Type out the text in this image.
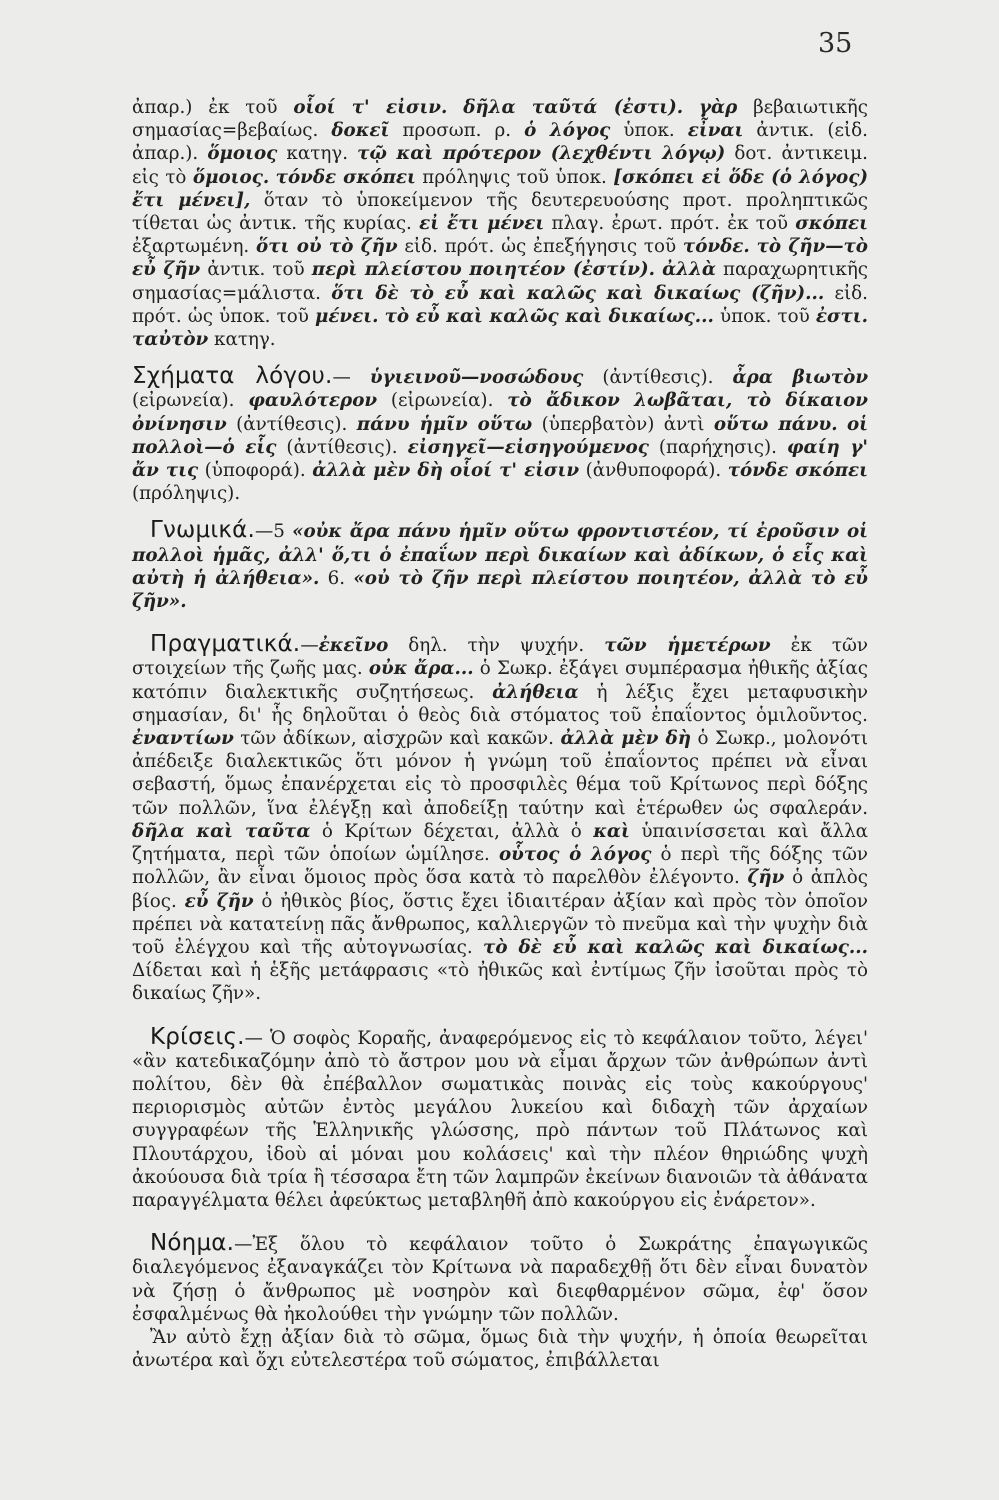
35

ἀπαρ.) ἐκ τοῦ οἷοί τ' εἰσιν. δῆλα ταῦτά (ἐστι). γὰρ βεβαιωτικῆς σημασίας=βεβαίως. δοκεῖ προσωπ. ρ. ὁ λόγος ὑποκ. εἶναι ἀντικ. (εἰδ. ἀπαρ.). ὅμοιος κατηγ. τῷ καὶ πρότερον (λεχθέντι λόγῳ) δοτ. ἀντικειμ. εἰς τὸ ὅμοιος. τόνδε σκόπει πρόληψις τοῦ ὑποκ. [σκόπει εἰ ὅδε (ὁ λόγος) ἔτι μένει], ὅταν τὸ ὑποκείμενον τῆς δευτερευούσης προτ. προληπτικῶς τίθεται ὡς ἀντικ. τῆς κυρίας. εἰ ἔτι μένει πλαγ. ἐρωτ. πρότ. ἐκ τοῦ σκόπει ἐξαρτωμένη. ὅτι οὐ τὸ ζῆν εἰδ. πρότ. ὡς ἐπεξήγησις τοῦ τόνδε. τὸ ζῆν—τὸ εὖ ζῆν ἀντικ. τοῦ περὶ πλείστου ποιητέον (ἐστίν). ἀλλὰ παραχωρητικῆς σημασίας=μάλιστα. ὅτι δὲ τὸ εὖ καὶ καλῶς καὶ δικαίως (ζῆν)... εἰδ. πρότ. ὡς ὑποκ. τοῦ μένει. τὸ εὖ καὶ καλῶς καὶ δικαίως... ὑποκ. τοῦ ἐστι. ταὐτὸν κατηγ.

Σχήματα λόγου.— ὑγιεινοῦ—νοσώδους (ἀντίθεσις). ἆρα βιωτὸν (εἰρωνεία). φαυλότερον (εἰρωνεία). τὸ ἄδικον λωβᾶται, τὸ δίκαιον ὀνίνησιν (ἀντίθεσις). πάνυ ἡμῖν οὕτω (ὑπερβατὸν) ἀντὶ οὕτω πάνυ. οἱ πολλοὶ—ὁ εἷς (ἀντίθεσις). εἰσηγεῖ—εἰσηγούμενος (παρήχησις). φαίη γ' ἄν τις (ὑποφορά). ἀλλὰ μὲν δὴ οἷοί τ' εἰσιν (ἀνθυποφορά). τόνδε σκόπει (πρόληψις).

Γνωμικά.—5 «οὐκ ἄρα πάνυ ἡμῖν οὕτω φροντιστέον, τί ἐροῦσιν οἱ πολλοὶ ἡμᾶς, ἀλλ' ὅ,τι ὁ ἐπαΐων περὶ δικαίων καὶ ἀδίκων, ὁ εἷς καὶ αὐτὴ ἡ ἀλήθεια». 6. «οὐ τὸ ζῆν περὶ πλείστου ποιητέον, ἀλλὰ τὸ εὖ ζῆν».

Πραγματικά.—ἐκεῖνο δηλ. τὴν ψυχήν. τῶν ἡμετέρων ἐκ τῶν στοιχείων τῆς ζωῆς μας. οὐκ ἄρα... ὁ Σωκρ. ἐξάγει συμπέρασμα ἠθικῆς ἀξίας κατόπιν διαλεκτικῆς συζητήσεως. ἀλήθεια ἡ λέξις ἔχει μεταφυσικὴν σημασίαν, δι' ἧς δηλοῦται ὁ θεὸς διὰ στόματος τοῦ ἐπαΐοντος ὁμιλοῦντος. ἐναντίων τῶν ἀδίκων, αἰσχρῶν καὶ κακῶν. ἀλλὰ μὲν δὴ ὁ Σωκρ., μολονότι ἀπέδειξε διαλεκτικῶς ὅτι μόνον ἡ γνώμη τοῦ ἐπαΐοντος πρέπει νὰ εἶναι σεβαστή, ὅμως ἐπανέρχεται εἰς τὸ προσφιλὲς θέμα τοῦ Κρίτωνος περὶ δόξης τῶν πολλῶν, ἵνα ἐλέγξῃ καὶ ἀποδείξῃ ταύτην καὶ ἑτέρωθεν ὡς σφαλεράν. δῆλα καὶ ταῦτα ὁ Κρίτων δέχεται, ἀλλὰ ὁ καὶ ὑπαινίσσεται καὶ ἄλλα ζητήματα, περὶ τῶν ὁποίων ὡμίλησε. οὗτος ὁ λόγος ὁ περὶ τῆς δόξης τῶν πολλῶν, ἂν εἶναι ὅμοιος πρὸς ὅσα κατὰ τὸ παρελθὸν ἐλέγοντο. ζῆν ὁ ἁπλὸς βίος. εὖ ζῆν ὁ ἠθικὸς βίος, ὅστις ἔχει ἰδιαιτέραν ἀξίαν καὶ πρὸς τὸν ὁποῖον πρέπει νὰ κατατείνῃ πᾶς ἄνθρωπος, καλλιεργῶν τὸ πνεῦμα καὶ τὴν ψυχὴν διὰ τοῦ ἐλέγχου καὶ τῆς αὐτογνωσίας. τὸ δὲ εὖ καὶ καλῶς καὶ δικαίως... Δίδεται καὶ ἡ ἑξῆς μετάφρασις «τὸ ἠθικῶς καὶ ἐντίμως ζῆν ἰσοῦται πρὸς τὸ δικαίως ζῆν».

Κρίσεις.— Ὁ σοφὸς Κοραῆς, ἀναφερόμενος εἰς τὸ κεφάλαιον τοῦτο, λέγει' «ἂν κατεδικαζόμην ἀπὸ τὸ ἄστρον μου νὰ εἶμαι ἄρχων τῶν ἀνθρώπων ἀντὶ πολίτου, δὲν θὰ ἐπέβαλλον σωματικὰς ποινὰς εἰς τοὺς κακούργους' περιορισμὸς αὐτῶν ἐντὸς μεγάλου λυκείου καὶ διδαχὴ τῶν ἀρχαίων συγγραφέων τῆς Ἑλληνικῆς γλώσσης, πρὸ πάντων τοῦ Πλάτωνος καὶ Πλουτάρχου, ἰδοὺ αἱ μόναι μου κολάσεις' καὶ τὴν πλέον θηριώδης ψυχὴ ἀκούουσα διὰ τρία ἢ τέσσαρα ἔτη τῶν λαμπρῶν ἐκείνων διανοιῶν τὰ ἀθάνατα παραγγέλματα θέλει ἀφεύκτως μεταβληθῆ ἀπὸ κακούργου εἰς ἐνάρετον».

Νόημα.—Ἐξ ὅλου τὸ κεφάλαιον τοῦτο ὁ Σωκράτης ἐπαγωγικῶς διαλεγόμενος ἐξαναγκάζει τὸν Κρίτωνα νὰ παραδεχθῇ ὅτι δὲν εἶναι δυνατὸν νὰ ζήσῃ ὁ ἄνθρωπος μὲ νοσηρὸν καὶ διεφθαρμένον σῶμα, ἐφ' ὅσον ἐσφαλμένως θὰ ἠκολούθει τὴν γνώμην τῶν πολλῶν.

Ἂν αὐτὸ ἔχῃ ἀξίαν διὰ τὸ σῶμα, ὅμως διὰ τὴν ψυχήν, ἡ ὁποία θεωρεῖται ἀνωτέρα καὶ ὄχι εὐτελεστέρα τοῦ σώματος, ἐπιβάλλεται
